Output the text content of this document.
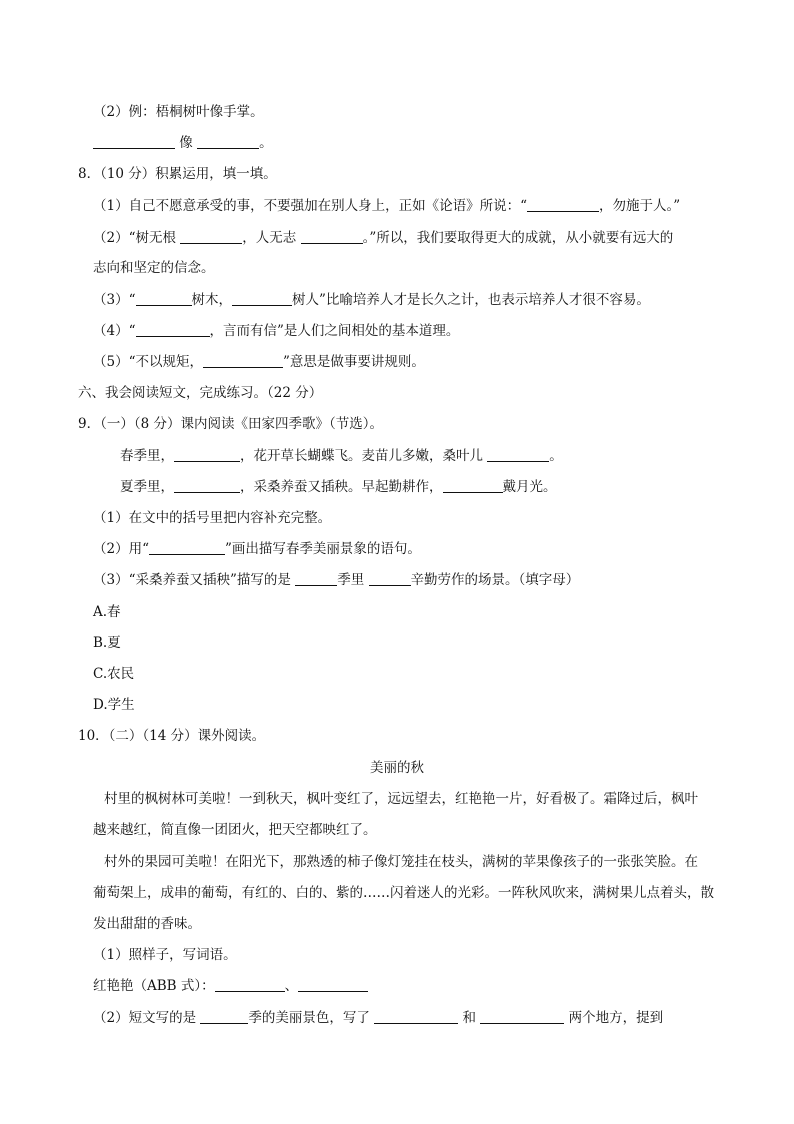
（2）例：梧桐树叶像手掌。
像	。
8．（10 分）积累运用，填一填。
（1）自己不愿意承受的事，不要强加在别人身上，正如《论语》所说：“	，勿施于人。”
（2）“树无根	，人无志	。”所以，我们要取得更大的成就，从小就要有远大的
志向和坚定的信念。
（3）“	树木，	树人”比喻培养人才是长久之计，也表示培养人才很不容易。
（4）“	，言而有信”是人们之间相处的基本道理。
（5）“不以规矩，	”意思是做事要讲规则。
六、我会阅读短文，完成练习。（22 分）
9．（一）（8 分）课内阅读《田家四季歌》（节选）。
春季里，	，花开草长蝴蝶飞。麦苗儿多嫩，桑叶儿	。
夏季里，	，采桑养蚕又插秧。早起勤耕作，	戴月光。
（1）在文中的括号里把内容补充完整。
（2）用“	”画出描写春季美丽景象的语句。
（3）“采桑养蚕又插秧”描写的是	季里	辛勤劳作的场景。（填字母）
A.春
B.夏
C.农民
D.学生
10．（二）（14 分）课外阅读。
美丽的秋
村里的枫树林可美啦！一到秋天，枫叶变红了，远远望去，红艳艳一片，好看极了。霜降过后，枫叶
越来越红，简直像一团团火，把天空都映红了。
村外的果园可美啦！在阳光下，那熟透的柿子像灯笼挂在枝头，满树的苹果像孩子的一张张笑脸。在
葡萄架上，成串的葡萄，有红的、白的、紫的……闪着迷人的光彩。一阵秋风吹来，满树果儿点着头，散
发出甜甜的香味。
（1）照样子，写词语。
红艳艳（ABB 式）：	、
（2）短文写的是	季的美丽景色，写了	和	两个地方，提到
